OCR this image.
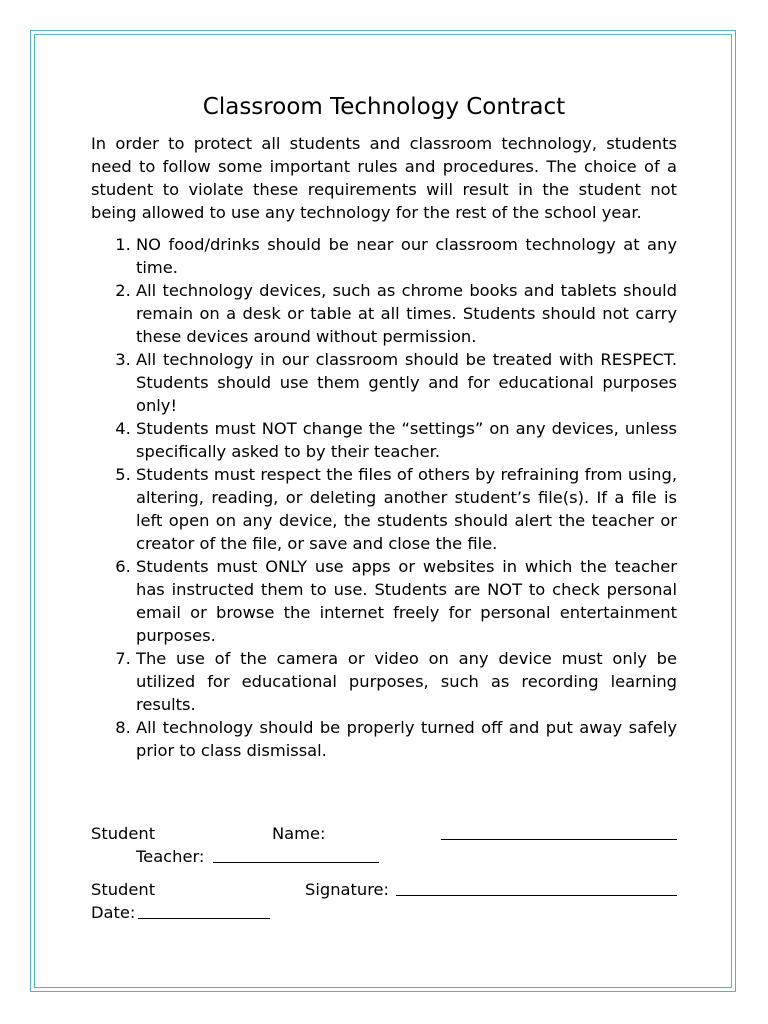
Classroom Technology Contract

In order to protect all students and classroom technology, students need to follow some important rules and procedures. The choice of a student to violate these requirements will result in the student not being allowed to use any technology for the rest of the school year.

1. NO food/drinks should be near our classroom technology at any time.
2. All technology devices, such as chrome books and tablets should remain on a desk or table at all times. Students should not carry these devices around without permission.
3. All technology in our classroom should be treated with RESPECT. Students should use them gently and for educational purposes only!
4. Students must NOT change the “settings” on any devices, unless specifically asked to by their teacher.
5. Students must respect the files of others by refraining from using, altering, reading, or deleting another student’s file(s). If a file is left open on any device, the students should alert the teacher or creator of the file, or save and close the file.
6. Students must ONLY use apps or websites in which the teacher has instructed them to use. Students are NOT to check personal email or browse the internet freely for personal entertainment purposes.
7. The use of the camera or video on any device must only be utilized for educational purposes, such as recording learning results.
8. All technology should be properly turned off and put away safely prior to class dismissal.
Student	Name:
Teacher:
Student	Signature:
Date:
